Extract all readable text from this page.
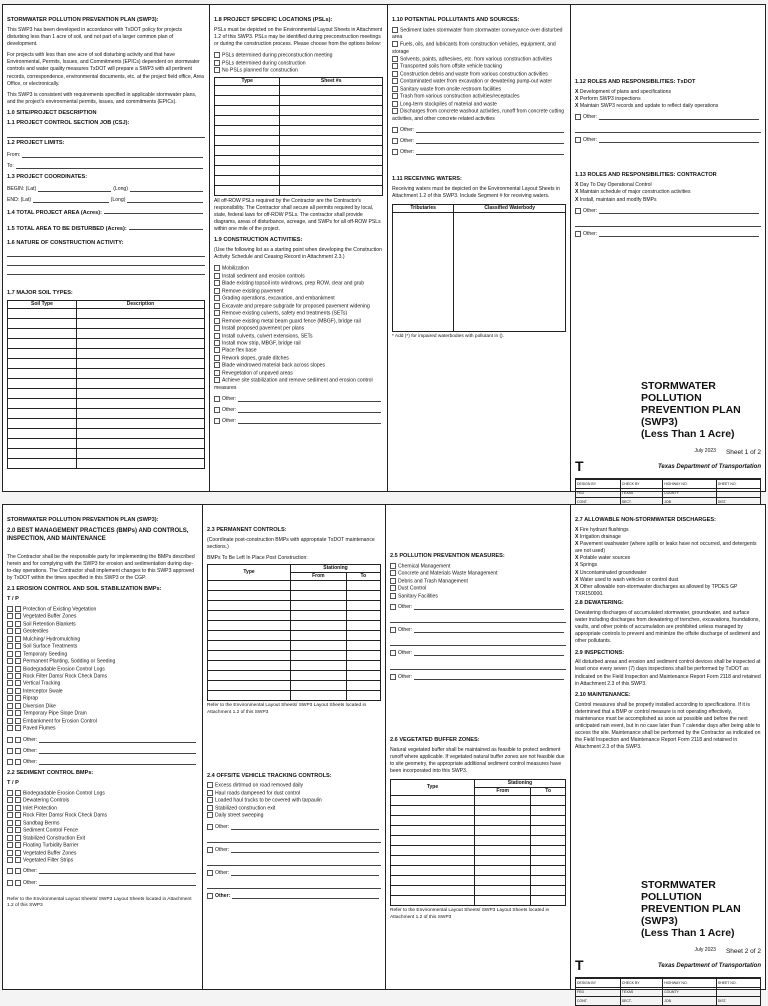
STORMWATER POLLUTION PREVENTION PLAN (SWP3):
This SWP3 has been developed in accordance with TxDOT policy for projects disturbing less than 1 acre of soil, and not part of a larger common plan of development.
For projects with less than one acre of soil disturbing activity and that have Environmental, Permits, Issues, and Commitments (EPICs) dependent on stormwater controls and water quality measures TxDOT will prepare a SWP3 with all pertinent records, correspondence, environmental documents, etc. at the project field office, Area Office, or electronically.
This SWP3 is consistent with requirements specified in applicable stormwater plans, and the project's environmental permits, issues, and commitments (EPICs).
1.0 SITE/PROJECT DESCRIPTION
1.1 PROJECT CONTROL SECTION JOB (CSJ):
1.2 PROJECT LIMITS:
From:
To:
1.3 PROJECT COORDINATES:
BEGIN: (Lat)	(Long)
END: (Lat)	(Long)
1.4 TOTAL PROJECT AREA (Acres):
1.5 TOTAL AREA TO BE DISTURBED (Acres):
1.6 NATURE OF CONSTRUCTION ACTIVITY:
1.7 MAJOR SOIL TYPES:
Soil Type	Description

1.8 PROJECT SPECIFIC LOCATIONS (PSLs):
PSLs must be depicted on the Environmental Layout Sheets in Attachment 1.2 of this SWP3. PSLs may be identified during preconstruction meetings or during the construction process. Please choose from the options below:
PSLs determined during preconstruction meeting
PSLs determined during construction
No PSLs planned for construction
Type	Sheet #s

All off-ROW PSLs required by the Contractor are the Contractor's responsibility. The Contractor shall secure all permits required by local, state, federal laws for off-ROW PSLs. The contractor shall provide diagrams, areas of disturbance, acreage, and SWPs for all off-ROW PSLs within one mile of the project.
1.9 CONSTRUCTION ACTIVITIES:
(Use the following list as a starting point when developing the Construction Activity Schedule and Ceasing Record in Attachment 2.3.)
Mobilization
Install sediment and erosion controls
Blade existing topsoil into windrows, prep ROW, clear and grub
Remove existing pavement
Grading operations, excavation, and embankment
Excavate and prepare subgrade for proposed pavement widening
Remove existing culverts, safety end treatments (SETs)
Remove existing metal beam guard fence (MBGF), bridge rail
Install proposed pavement per plans
Install culverts, culvert extensions, SETs
Install mow strip, MBGF, bridge rail
Place flex base
Rework slopes, grade ditches
Blade windrowed material back across slopes
Revegetation of unpaved areas
Achieve site stabilization and remove sediment and erosion control measures
Other:
Other:
Other:
1.10 POTENTIAL POLLUTANTS AND SOURCES:
Sediment laden stormwater from stormwater conveyance over disturbed area
Fuels, oils, and lubricants from construction vehicles, equipment, and storage
Solvents, paints, adhesives, etc. from various construction activities
Transported soils from offsite vehicle tracking
Construction debris and waste from various construction activities
Contaminated water from excavation or dewatering pump-out water
Sanitary waste from onsite restroom facilities
Trash from various construction activities/receptacles
Long-term stockpiles of material and waste
Discharges from concrete washout activities, runoff from concrete cutting activities, and other concrete related activities
Other:
Other:
Other:
1.11 RECEIVING WATERS:
Receiving waters must be depicted on the Environmental Layout Sheets in Attachment 1.2 of this SWP3. Include Segment # for receiving waters.
Tributaries	Classified Waterbody

* Add (*) for impaired waterbodies with pollutant in ().
1.12 ROLES AND RESPONSIBILITIES: TxDOT
X Development of plans and specifications
X Perform SWP3 inspections
X Maintain SWP3 records and update to reflect daily operations
Other:
Other:
1.13 ROLES AND RESPONSIBILITIES: CONTRACTOR
X Day To Day Operational Control
X Maintain schedule of major construction activities
X Install, maintain and modify BMPs
Other:
Other:
STORMWATER POLLUTION PREVENTION PLAN (SWP3)
(Less Than 1 Acre)
July 2023 Sheet 1 of 2
T	Texas Department of Transportation
DESIGN BY	CHECK BY	HIGHWAY NO.	SHEET NO.
FED	TEXAS	COUNTY	
CONT.	SECT.	JOB	DIST.
STORMWATER POLLUTION PREVENTION PLAN (SWP3):
2.0 BEST MANAGEMENT PRACTICES (BMPs) AND CONTROLS, INSPECTION, AND MAINTENANCE
The Contractor shall be the responsible party for implementing the BMPs described herein and for complying with the SWP3 for erosion and sedimentation during day-to-day operations. The Contractor shall implement changes to this SWP3 approved by TxDOT within the times specified in this SWP3 or the CGP.
2.1 EROSION CONTROL AND SOIL STABILIZATION BMPs:
T / P
Protection of Existing Vegetation
Vegetated Buffer Zones
Soil Retention Blankets
Geotextiles
Mulching/ Hydromulching
Soil Surface Treatments
Temporary Seeding
Permanent Planting, Sodding or Seeding
Biodegradable Erosion Control Logs
Rock Filter Dams/ Rock Check Dams
Vertical Tracking
Interceptor Swale
Riprap
Diversion Dike
Temporary Pipe Slope Drain
Embankment for Erosion Control
Paved Flumes
Other:
Other:
Other:
2.2 SEDIMENT CONTROL BMPs:
T / P
Biodegradable Erosion Control Logs
Dewatering Controls
Inlet Protection
Rock Filter Dams/ Rock Check Dams
Sandbag Berms
Sediment Control Fence
Stabilized Construction Exit
Floating Turbidity Barrier
Vegetated Buffer Zones
Vegetated Filter Strips
Other:
Other:
Refer to the Environmental Layout Sheets/ SWP3 Layout Sheets located in Attachment 1.2 of this SWP3
2.3 PERMANENT CONTROLS:
(Coordinate post-construction BMPs with appropriate TxDOT maintenance sections.)
BMPs To Be Left In Place Post Construction:
Type	Stationing	
	From	To

Refer to the Environmental Layout Sheets/ SWP3 Layout Sheets located in Attachment 1.2 of this SWP3
2.4 OFFSITE VEHICLE TRACKING CONTROLS:
Excess dirt/mud on road removed daily
Haul roads dampened for dust control
Loaded haul trucks to be covered with tarpaulin
Stabilized construction exit
Daily street sweeping
Other:
Other:
Other:
Other:
2.5 POLLUTION PREVENTION MEASURES:
Chemical Management
Concrete and Materials Waste Management
Debris and Trash Management
Dust Control
Sanitary Facilities
Other:
Other:
Other:
Other:
2.6 VEGETATED BUFFER ZONES:
Natural vegetated buffer shall be maintained as feasible to protect sediment runoff where applicable. If vegetated natural buffer zones are not feasible due to site geometry, the appropriate additional sediment control measures have been incorporated into this SWP3.
Type	Stationing	
	From	To

Refer to the Environmental Layout Sheets/ SWP3 Layout Sheets located in Attachment 1.2 of this SWP3
2.7 ALLOWABLE NON-STORMWATER DISCHARGES:
X Fire hydrant flushings
X Irrigation drainage
X Pavement washwater (where spills or leaks have not occurred, and detergents are not used)
X Potable water sources
X Springs
X Uncontaminated groundwater
X Water used to wash vehicles or control dust
X Other allowable non-stormwater discharges as allowed by TPDES GP TXR150000.
2.8 DEWATERING:
Dewatering discharges of accumulated stormwater, groundwater, and surface water including discharges from dewatering of trenches, excavations, foundations, vaults, and other points of accumulation are prohibited unless managed by appropriate controls to prevent and minimize the offsite discharge of sediment and other pollutants.
2.9 INSPECTIONS:
All disturbed areas and erosion and sediment control devices shall be inspected at least once every seven (7) days inspections shall be performed by TxDOT as indicated on the Field Inspection and Maintenance Report Form 2118 and retained in Attachment 2.3 of this SWP3.
2.10 MAINTENANCE:
Control measures shall be properly installed according to specifications. If it is determined that a BMP or control measure is not operating effectively, maintenance must be accomplished as soon as possible and before the next anticipated rain event, but in no case later than 7 calendar days after being able to access the site. Maintenance shall be performed by the Contractor as indicated on the Field Inspection and Maintenance Report Form 2118 and retained in Attachment 2.3 of this SWP3.
STORMWATER POLLUTION PREVENTION PLAN (SWP3)
(Less Than 1 Acre)
July 2023 Sheet 2 of 2
T	Texas Department of Transportation
DESIGN BY	CHECK BY	HIGHWAY NO.	SHEET NO.
FED	TEXAS	COUNTY	
CONT.	SECT.	JOB	DIST.
